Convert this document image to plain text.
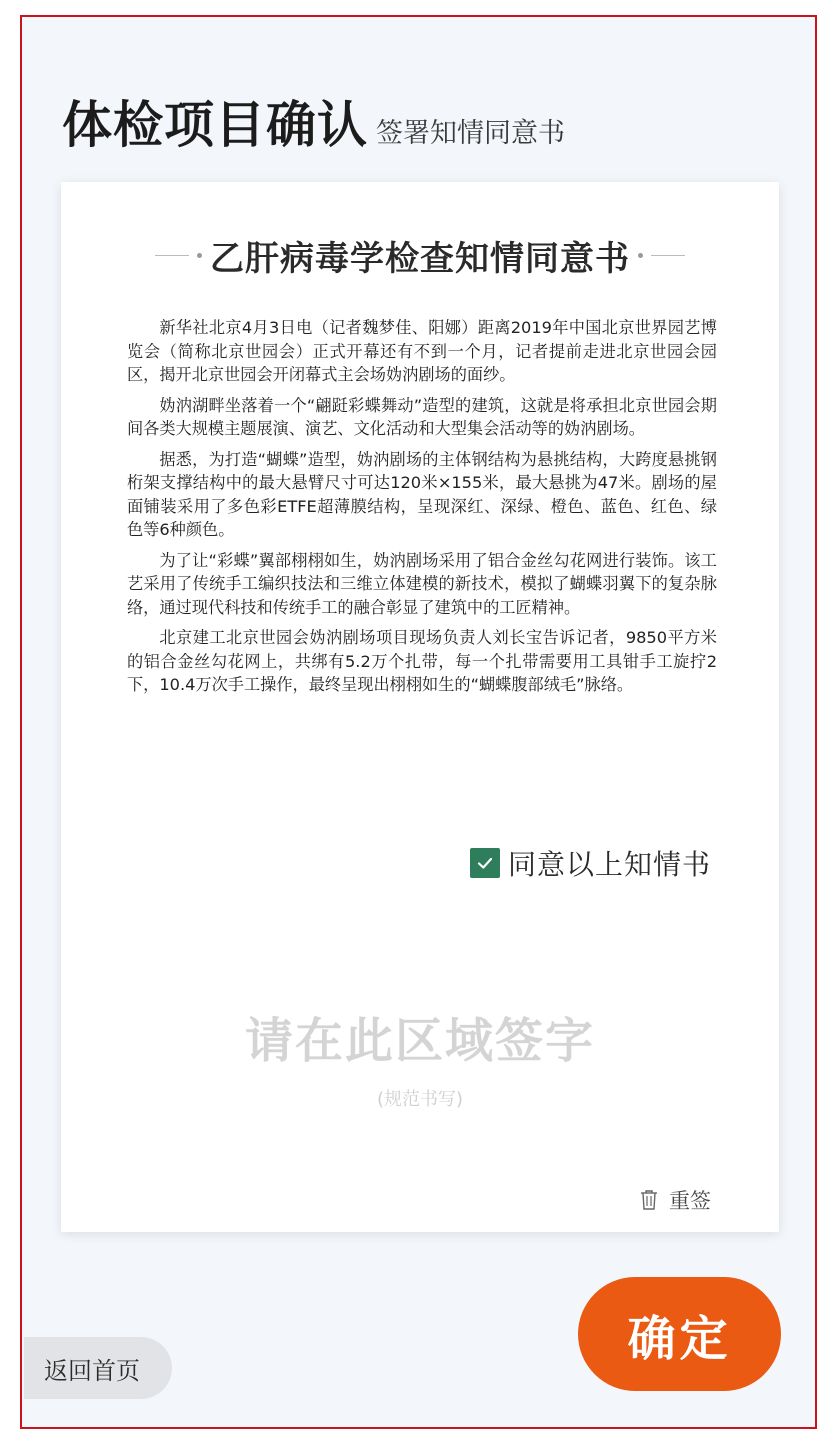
体检项目确认 签署知情同意书
乙肝病毒学检查知情同意书

新华社北京4月3日电（记者魏梦佳、阳娜）距离2019年中国北京世界园艺博览会（简称北京世园会）正式开幕还有不到一个月，记者提前走进北京世园会园区，揭开北京世园会开闭幕式主会场妫汭剧场的面纱。

妫汭湖畔坐落着一个“翩跹彩蝶舞动”造型的建筑，这就是将承担北京世园会期间各类大规模主题展演、演艺、文化活动和大型集会活动等的妫汭剧场。

据悉，为打造“蝴蝶”造型，妫汭剧场的主体钢结构为悬挑结构，大跨度悬挑钢桁架支撑结构中的最大悬臂尺寸可达120米×155米，最大悬挑为47米。剧场的屋面铺装采用了多色彩ETFE超薄膜结构，呈现深红、深绿、橙色、蓝色、红色、绿色等6种颜色。

为了让“彩蝶”翼部栩栩如生，妫汭剧场采用了铝合金丝勾花网进行装饰。该工艺采用了传统手工编织技法和三维立体建模的新技术，模拟了蝴蝶羽翼下的复杂脉络，通过现代科技和传统手工的融合彰显了建筑中的工匠精神。

北京建工北京世园会妫汭剧场项目现场负责人刘长宝告诉记者，9850平方米的铝合金丝勾花网上，共绑有5.2万个扎带，每一个扎带需要用工具钳手工旋拧2下，10.4万次手工操作，最终呈现出栩栩如生的“蝴蝶腹部绒毛”脉络。

同意以上知情书
请在此区域签字
(规范书写)
重签
返回首页
确定
